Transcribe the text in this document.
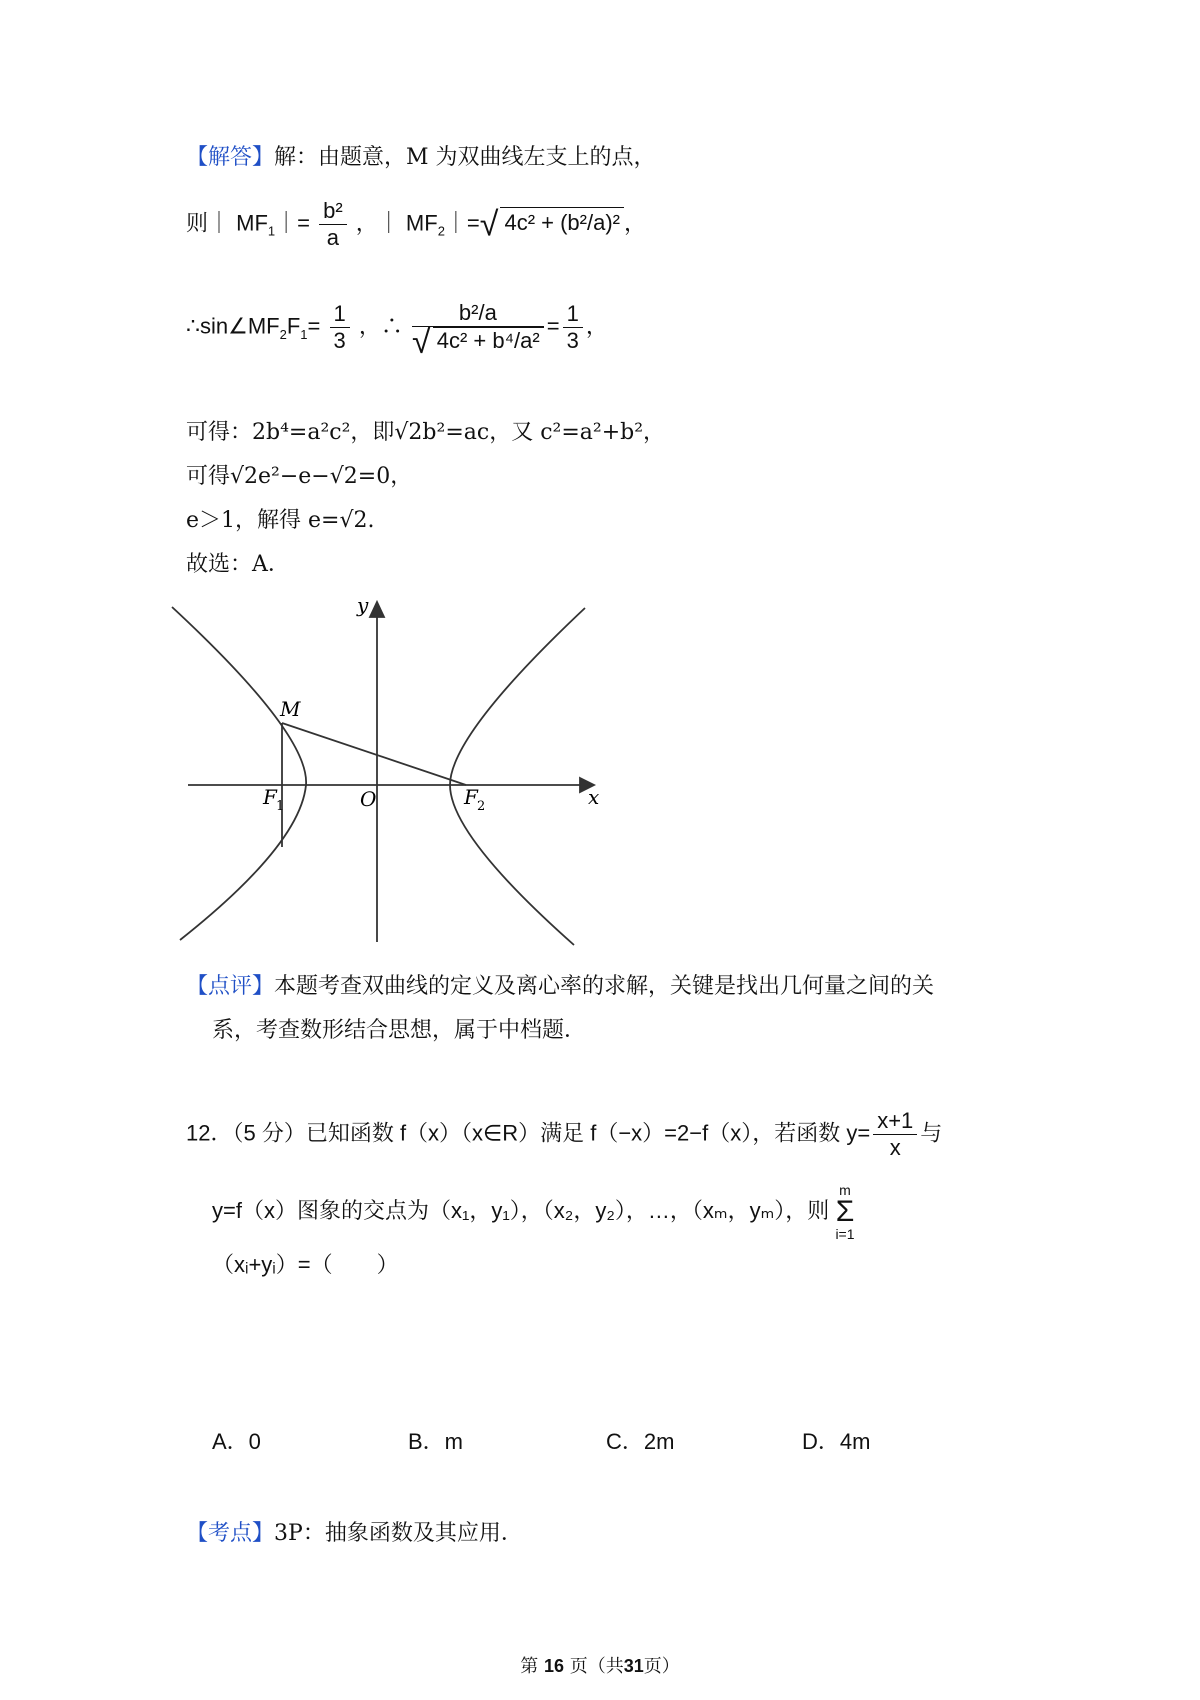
【解答】解：由题意，M 为双曲线左支上的点，
则｜ $MF_1|= \frac{\text{b²}}{a}$ ，｜ $MF_2|=√$ 4c² + (b²/a)² ，
$\therefore\sin\angle MF_2F_1= \frac{1}{3}$ ，∴ $\frac{\text{b²/a}}{\text{√ 4c² + b⁴/a²}} = \frac{1}{3}$ ，
可得：2b⁴=a²c²，即√2b²=ac，又 c²=a²+b²，
可得√2e²−e−√2=0，
e＞1，解得 e=√2.
故选：A．
y
x
M
O
F 1	F 2
【点评】本题考查双曲线的定义及离心率的求解，关键是找出几何量之间的关
系，考查数形结合思想，属于中档题．
12．（5 分）已知函数 f（x）（x∈R）满足 f（−x）=2−f（x），若函数 $y= \frac{x+1}{x}$ 与
y=f（x）图象的交点为（x₁，y₁），（x₂，y₂），…，（xₘ，yₘ），则 m
Σ
i=1
（xᵢ+yᵢ）=（　　）
A．0	B．m	C．2m	D．4m
【考点】3P：抽象函数及其应用．
第 16 页（共31页）
